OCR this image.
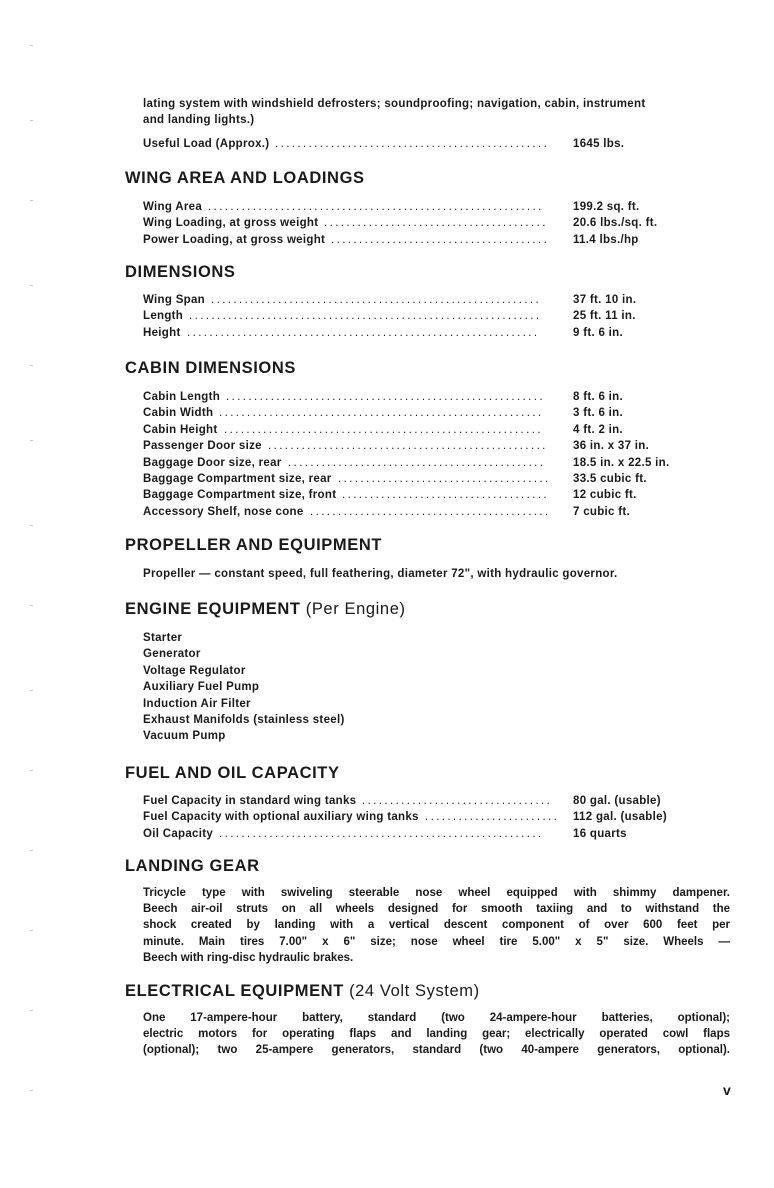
lating system with windshield defrosters; soundproofing; navigation, cabin, instrument
and landing lights.)
Useful Load (Approx.) ................................................. 1645 lbs.
WING AREA AND LOADINGS
Wing Area ............................................................	199.2 sq. ft.
Wing Loading, at gross weight ........................................ 20.6 lbs./sq. ft.
Power Loading, at gross weight ....................................... 11.4 lbs./hp
DIMENSIONS
Wing Span ...........................................................	37 ft. 10 in.
Length ...............................................................	25 ft. 11 in.
Height ...............................................................	9 ft. 6 in.
CABIN DIMENSIONS
Cabin Length ......................................................... 8 ft. 6 in.
Cabin Width ..........................................................	3 ft. 6 in.
Cabin Height .........................................................	4 ft. 2 in.
Passenger Door size .................................................. 36 in. x 37 in.
Baggage Door size, rear .............................................. 18.5 in. x 22.5 in.
Baggage Compartment size, rear ...................................... 33.5 cubic ft.
Baggage Compartment size, front ..................................... 12 cubic ft.
Accessory Shelf, nose cone ........................................... 7 cubic ft.
PROPELLER AND EQUIPMENT
Propeller — constant speed, full feathering, diameter 72", with hydraulic governor.
ENGINE EQUIPMENT (Per Engine)
Starter
Generator
Voltage Regulator
Auxiliary Fuel Pump
Induction Air Filter
Exhaust Manifolds (stainless steel)
Vacuum Pump
FUEL AND OIL CAPACITY
Fuel Capacity in standard wing tanks .................................. 80 gal. (usable)
Fuel Capacity with optional auxiliary wing tanks ........................ 112 gal. (usable)
Oil Capacity ..........................................................	16 quarts
LANDING GEAR
Tricycle type with swiveling steerable nose wheel equipped with shimmy dampener.
Beech air-oil struts on all wheels designed for smooth taxiing and to withstand the
shock created by landing with a vertical descent component of over 600 feet per
minute. Main tires 7.00" x 6" size; nose wheel tire 5.00" x 5" size. Wheels —
Beech with ring-disc hydraulic brakes.
ELECTRICAL EQUIPMENT (24 Volt System)
One 17-ampere-hour battery, standard (two 24-ampere-hour batteries, optional);
electric motors for operating flaps and landing gear; electrically operated cowl flaps
(optional); two 25-ampere generators, standard (two 40-ampere generators, optional).
v
